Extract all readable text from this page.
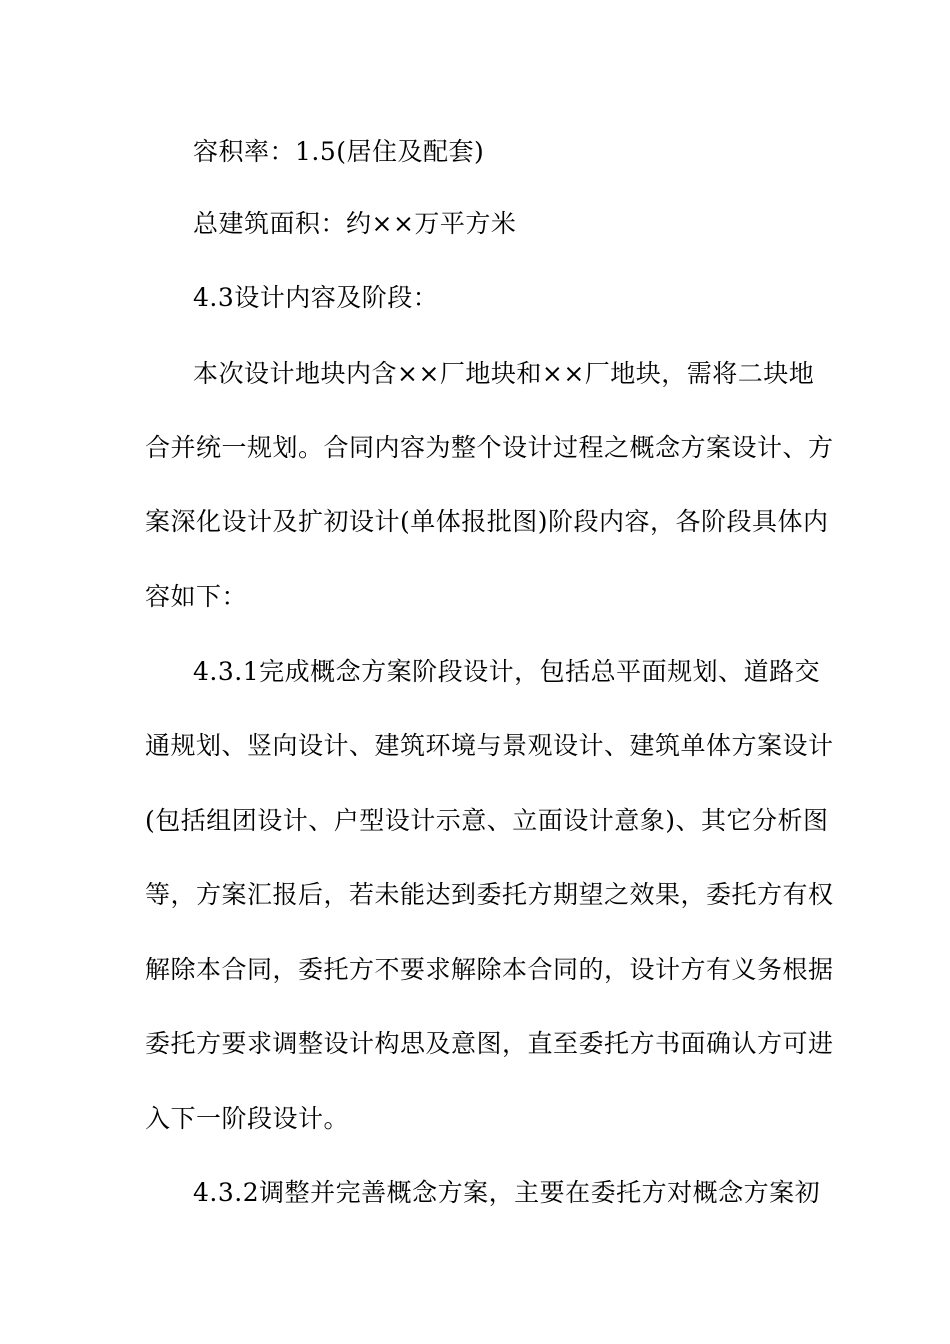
容积率：1.5(居住及配套)
总建筑面积：约××万平方米
4.3设计内容及阶段：
本次设计地块内含××厂地块和××厂地块，需将二块地
合并统一规划。合同内容为整个设计过程之概念方案设计、方
案深化设计及扩初设计(单体报批图)阶段内容，各阶段具体内
容如下：
4.3.1完成概念方案阶段设计，包括总平面规划、道路交
通规划、竖向设计、建筑环境与景观设计、建筑单体方案设计
(包括组团设计、户型设计示意、立面设计意象)、其它分析图
等，方案汇报后，若未能达到委托方期望之效果，委托方有权
解除本合同，委托方不要求解除本合同的，设计方有义务根据
委托方要求调整设计构思及意图，直至委托方书面确认方可进
入下一阶段设计。
4.3.2调整并完善概念方案，主要在委托方对概念方案初
